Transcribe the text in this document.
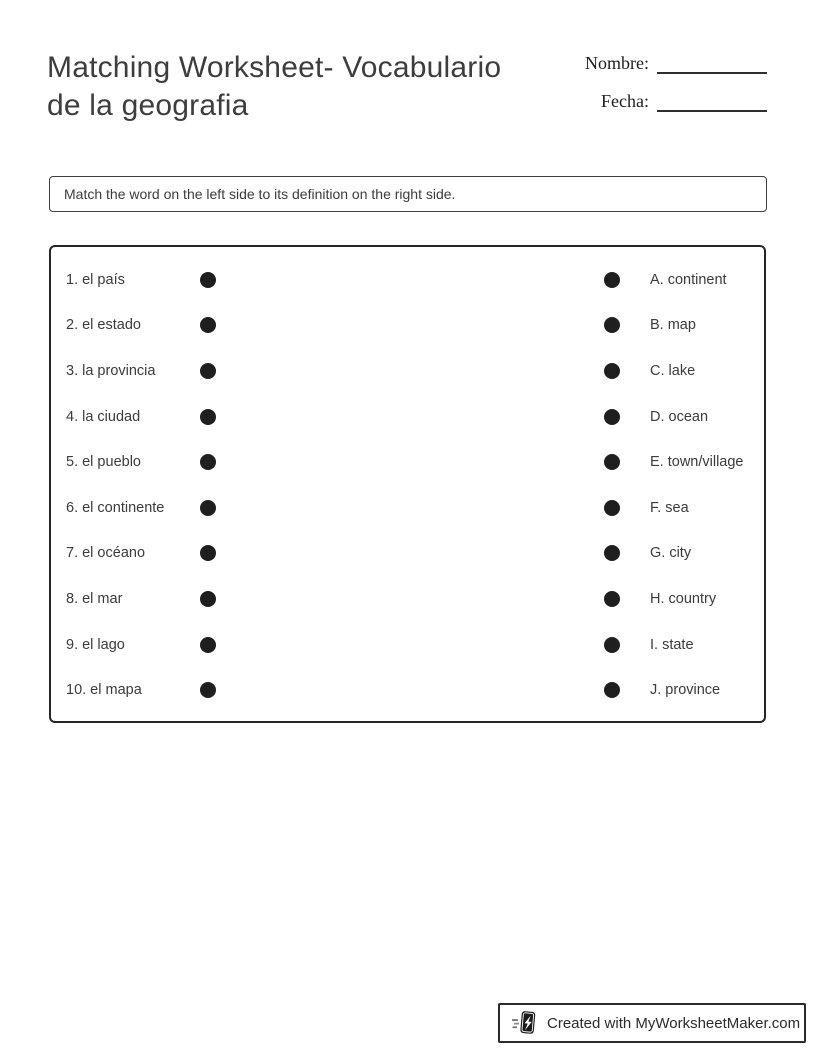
Matching Worksheet- Vocabulario
de la geografia
Nombre:
Fecha:
Match the word on the left side to its definition on the right side.
1. el país	A. continent
2. el estado	B. map
3. la provincia	C. lake
4. la ciudad	D. ocean
5. el pueblo	E. town/village
6. el continente	F. sea
7. el océano	G. city
8. el mar	H. country
9. el lago	I. state
10. el mapa	J. province
Created with MyWorksheetMaker.com
